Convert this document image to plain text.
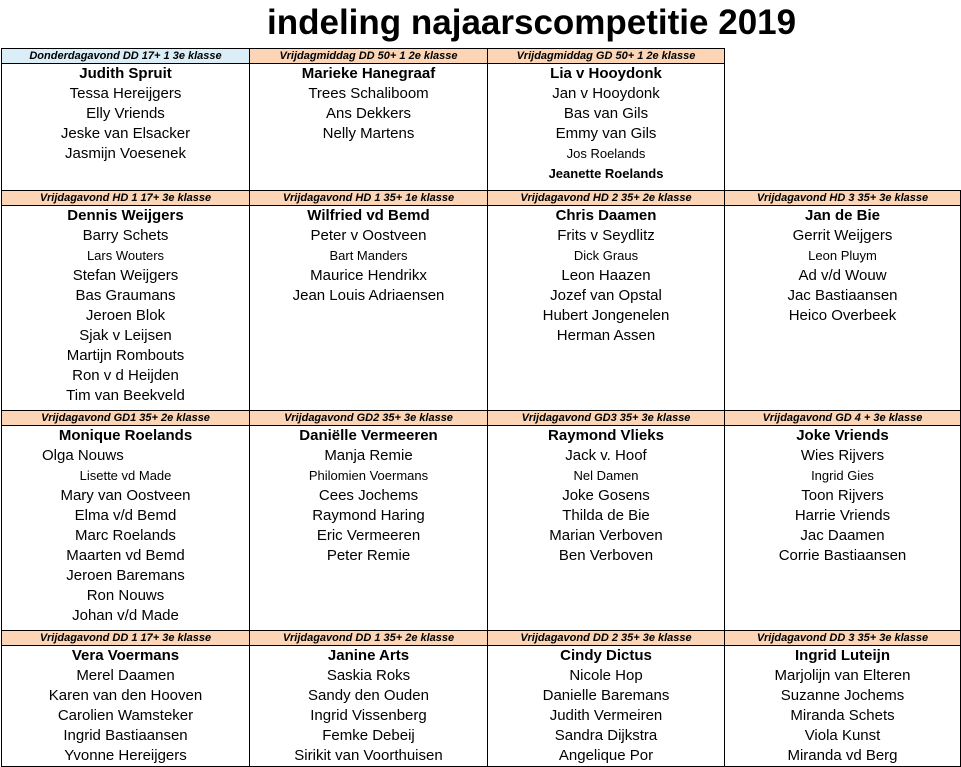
indeling najaarscompetitie 2019
Donderdagavond DD 17+ 1 3e klasse
Judith Spruit
Tessa Hereijgers
Elly Vriends
Jeske van Elsacker
Jasmijn Voesenek
Vrijdagmiddag DD 50+ 1 2e klasse
Marieke Hanegraaf
Trees Schaliboom
Ans Dekkers
Nelly Martens
Vrijdagmiddag GD 50+ 1 2e klasse
Lia v Hooydonk
Jan v Hooydonk
Bas van Gils
Emmy van Gils
Jos Roelands
Jeanette Roelands
Vrijdagavond HD 1 17+ 3e klasse
Dennis Weijgers
Barry Schets
Lars Wouters
Stefan Weijgers
Bas Graumans
Jeroen Blok
Sjak v Leijsen
Martijn Rombouts
Ron v d Heijden
Tim van Beekveld
Vrijdagavond HD 1 35+ 1e klasse
Wilfried vd Bemd
Peter v Oostveen
Bart Manders
Maurice Hendrikx
Jean Louis Adriaensen
Vrijdagavond HD 2 35+ 2e klasse
Chris Daamen
Frits v Seydlitz
Dick Graus
Leon Haazen
Jozef van Opstal
Hubert Jongenelen
Herman Assen
Vrijdagavond HD 3 35+ 3e klasse
Jan de Bie
Gerrit Weijgers
Leon Pluym
Ad v/d Wouw
Jac Bastiaansen
Heico Overbeek
Vrijdagavond GD1 35+ 2e klasse
Monique Roelands
Olga Nouws
Lisette vd Made
Mary van Oostveen
Elma v/d Bemd
Marc Roelands
Maarten vd Bemd
Jeroen Baremans
Ron Nouws
Johan v/d Made
Vrijdagavond GD2 35+ 3e klasse
Daniëlle Vermeeren
Manja Remie
Philomien Voermans
Cees Jochems
Raymond Haring
Eric Vermeeren
Peter Remie
Vrijdagavond GD3 35+ 3e klasse
Raymond Vlieks
Jack v. Hoof
Nel Damen
Joke Gosens
Thilda de Bie
Marian Verboven
Ben Verboven
Vrijdagavond GD 4 + 3e klasse
Joke Vriends
Wies Rijvers
Ingrid Gies
Toon Rijvers
Harrie Vriends
Jac Daamen
Corrie Bastiaansen
Vrijdagavond DD 1 17+ 3e klasse
Vera Voermans
Merel Daamen
Karen van den Hooven
Carolien Wamsteker
Ingrid Bastiaansen
Yvonne Hereijgers
Vrijdagavond DD 1 35+ 2e klasse
Janine Arts
Saskia Roks
Sandy den Ouden
Ingrid Vissenberg
Femke Debeij
Sirikit van Voorthuisen
Vrijdagavond DD 2 35+ 3e klasse
Cindy Dictus
Nicole Hop
Danielle Baremans
Judith Vermeiren
Sandra Dijkstra
Angelique Por
Vrijdagavond DD 3 35+ 3e klasse
Ingrid Luteijn
Marjolijn van Elteren
Suzanne Jochems
Miranda Schets
Viola Kunst
Miranda vd Berg
